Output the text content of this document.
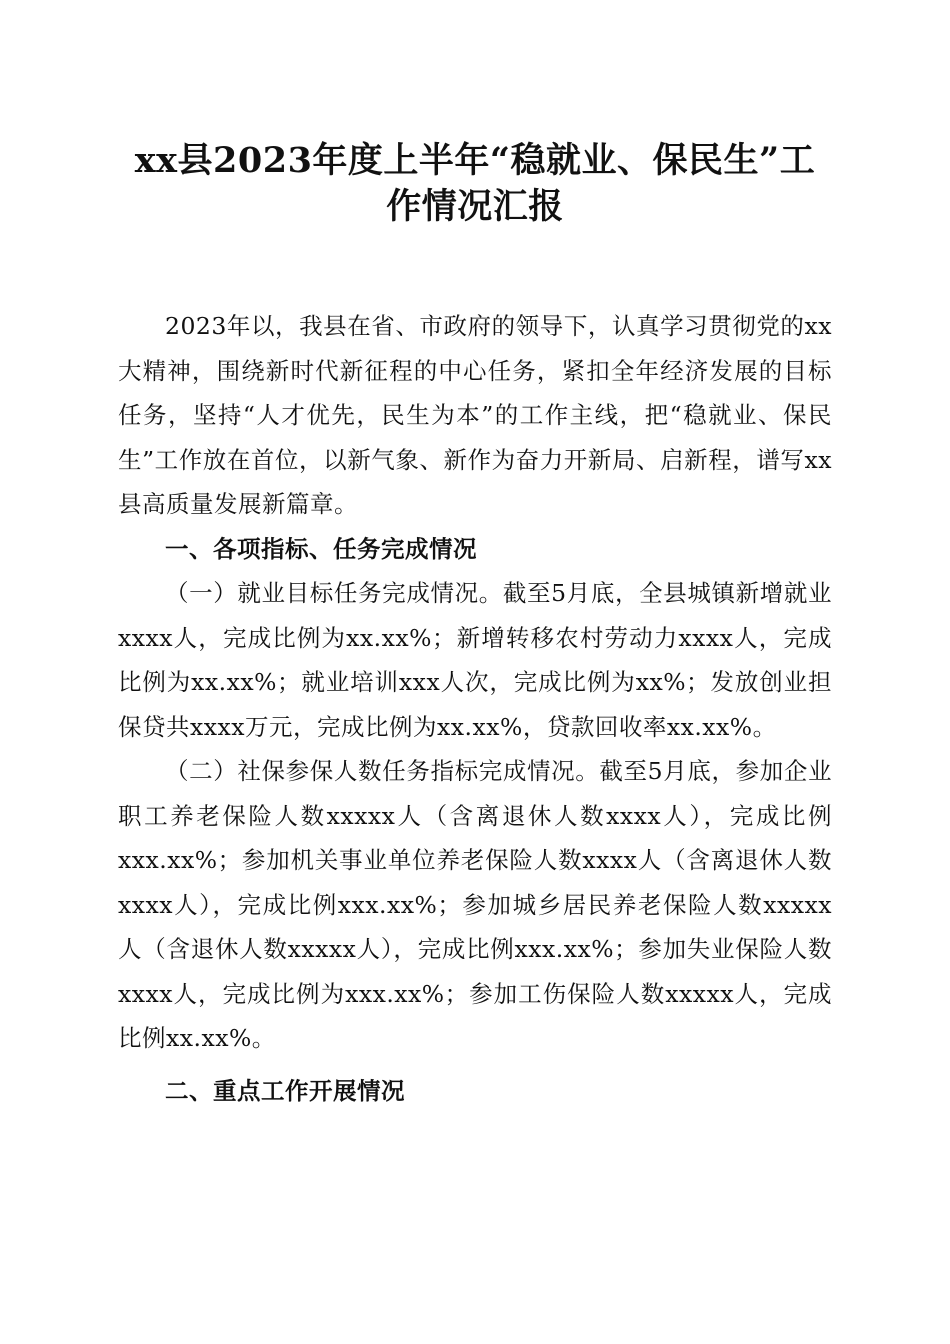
xx县2023年度上半年“稳就业、保民生”工
作情况汇报

2023年以，我县在省、市政府的领导下，认真学习贯彻党的xx大精神，围绕新时代新征程的中心任务，紧扣全年经济发展的目标任务，坚持“人才优先，民生为本”的工作主线，把“稳就业、保民生”工作放在首位，以新气象、新作为奋力开新局、启新程，谱写xx县高质量发展新篇章。

一、各项指标、任务完成情况

（一）就业目标任务完成情况。截至5月底，全县城镇新增就业xxxx人，完成比例为xx.xx%；新增转移农村劳动力xxxx人，完成比例为xx.xx%；就业培训xxx人次，完成比例为xx%；发放创业担保贷共xxxx万元，完成比例为xx.xx%，贷款回收率xx.xx%。

（二）社保参保人数任务指标完成情况。截至5月底，参加企业职工养老保险人数xxxxx人（含离退休人数xxxx人），完成比例xxx.xx%；参加机关事业单位养老保险人数xxxx人（含离退休人数xxxx人），完成比例xxx.xx%；参加城乡居民养老保险人数xxxxx人（含退休人数xxxxx人），完成比例xxx.xx%；参加失业保险人数xxxx人，完成比例为xxx.xx%；参加工伤保险人数xxxxx人，完成比例xx.xx%。

二、重点工作开展情况
